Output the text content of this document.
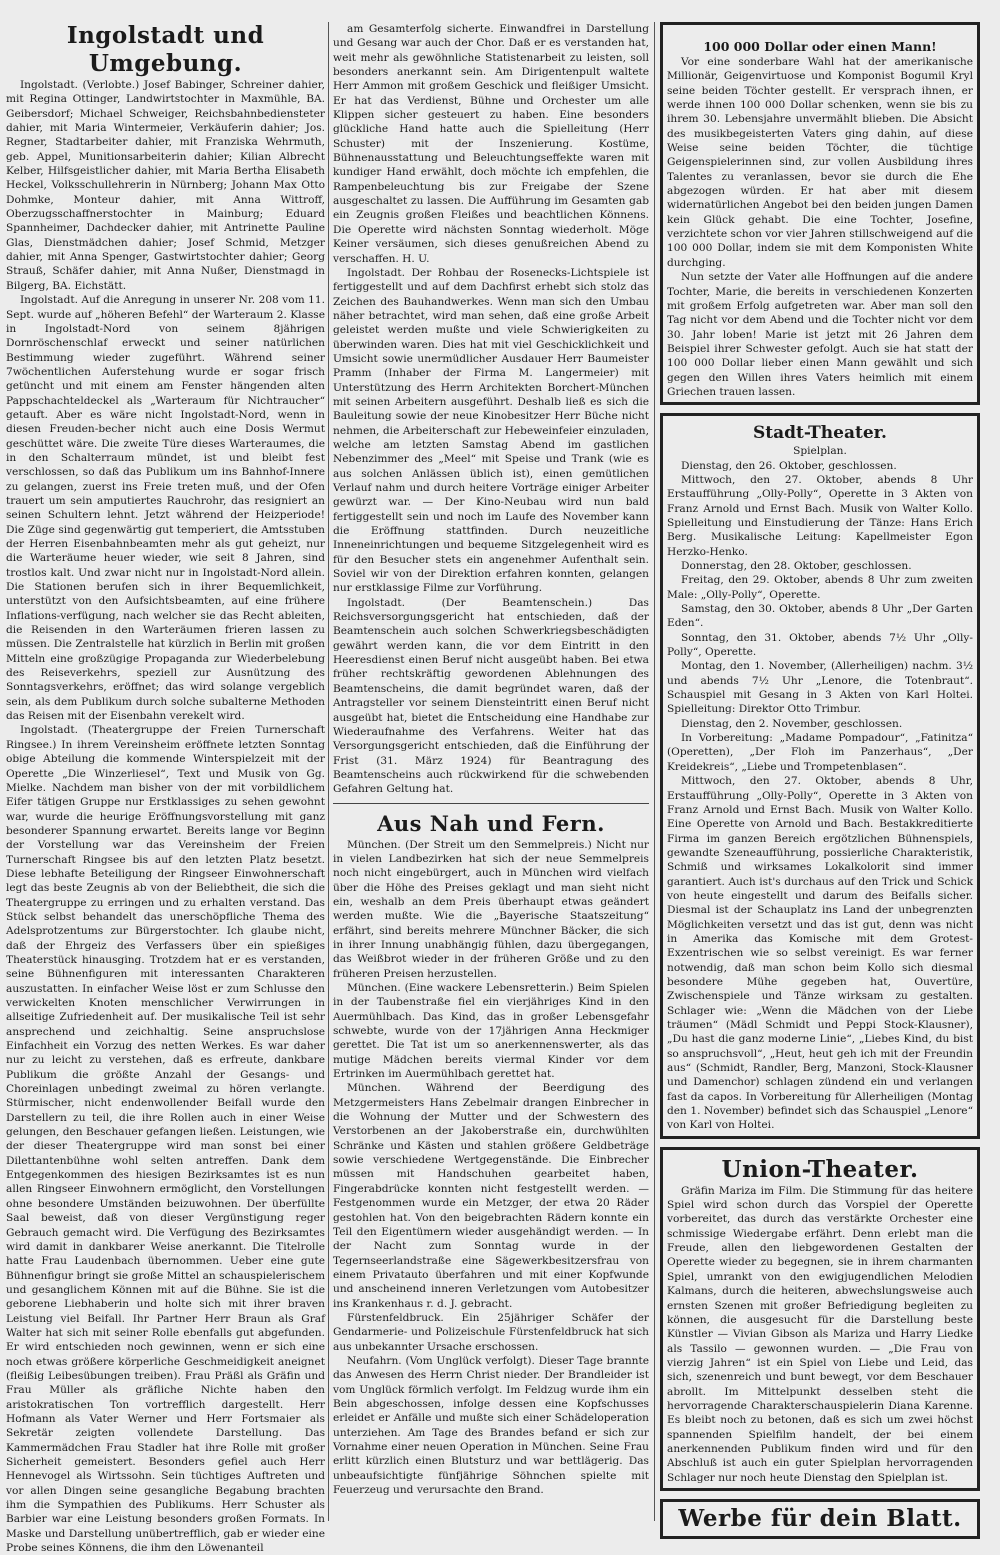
Ingolstadt und Umgebung.

Ingolstadt. (Verlobte.) Josef Babinger, Schreiner dahier, mit Regina Ottinger, Landwirtstochter in Maxmühle, BA. Geibersdorf; Michael Schweiger, Reichsbahnbediensteter dahier, mit Maria Wintermeier, Verkäuferin dahier; Jos. Regner, Stadtarbeiter dahier, mit Franziska Wehrmuth, geb. Appel, Munitionsarbeiterin dahier; Kilian Albrecht Kelber, Hilfsgeistlicher dahier, mit Maria Bertha Elisabeth Heckel, Volksschullehrerin in Nürnberg; Johann Max Otto Dohmke, Monteur dahier, mit Anna Wittroff, Oberzugsschaffnerstochter in Mainburg; Eduard Spannheimer, Dachdecker dahier, mit Antrinette Pauline Glas, Dienstmädchen dahier; Josef Schmid, Metzger dahier, mit Anna Spenger, Gastwirtstochter dahier; Georg Strauß, Schäfer dahier, mit Anna Nußer, Dienstmagd in Bilgerg, BA. Eichstätt.

Ingolstadt. Auf die Anregung in unserer Nr. 208 vom 11. Sept. wurde auf „höheren Befehl“ der Warteraum 2. Klasse in Ingolstadt-Nord von seinem 8jährigen Dornröschenschlaf erweckt und seiner natürlichen Bestimmung wieder zugeführt. Während seiner 7wöchentlichen Auferstehung wurde er sogar frisch getüncht und mit einem am Fenster hängenden alten Pappschachteldeckel als „Warteraum für Nichtraucher“ getauft. Aber es wäre nicht Ingolstadt-Nord, wenn in diesen Freuden-becher nicht auch eine Dosis Wermut geschüttet wäre. Die zweite Türe dieses Warteraumes, die in den Schalterraum mündet, ist und bleibt fest verschlossen, so daß das Publikum um ins Bahnhof-Innere zu gelangen, zuerst ins Freie treten muß, und der Ofen trauert um sein amputiertes Rauchrohr, das resigniert an seinen Schultern lehnt. Jetzt während der Heizperiode! Die Züge sind gegenwärtig gut temperiert, die Amtsstuben der Herren Eisenbahnbeamten mehr als gut geheizt, nur die Warteräume heuer wieder, wie seit 8 Jahren, sind trostlos kalt. Und zwar nicht nur in Ingolstadt-Nord allein. Die Stationen berufen sich in ihrer Bequemlichkeit, unterstützt von den Aufsichtsbeamten, auf eine frühere Inflations-verfügung, nach welcher sie das Recht ableiten, die Reisenden in den Warteräumen frieren lassen zu müssen. Die Zentralstelle hat kürzlich in Berlin mit großen Mitteln eine großzügige Propaganda zur Wiederbelebung des Reiseverkehrs, speziell zur Ausnützung des Sonntagsverkehrs, eröffnet; das wird solange vergeblich sein, als dem Publikum durch solche subalterne Methoden das Reisen mit der Eisenbahn verekelt wird.

Ingolstadt. (Theatergruppe der Freien Turnerschaft Ringsee.) In ihrem Vereinsheim eröffnete letzten Sonntag obige Abteilung die kommende Winterspielzeit mit der Operette „Die Winzerliesel“, Text und Musik von Gg. Mielke. Nachdem man bisher von der mit vorbildlichem Eifer tätigen Gruppe nur Erstklassiges zu sehen gewohnt war, wurde die heurige Eröffnungsvorstellung mit ganz besonderer Spannung erwartet. Bereits lange vor Beginn der Vorstellung war das Vereinsheim der Freien Turnerschaft Ringsee bis auf den letzten Platz besetzt. Diese lebhafte Beteiligung der Ringseer Einwohnerschaft legt das beste Zeugnis ab von der Beliebtheit, die sich die Theatergruppe zu erringen und zu erhalten verstand. Das Stück selbst behandelt das unerschöpfliche Thema des Adelsprotzentums zur Bürgerstochter. Ich glaube nicht, daß der Ehrgeiz des Verfassers über ein spießiges Theaterstück hinausging. Trotzdem hat er es verstanden, seine Bühnenfiguren mit interessanten Charakteren auszustatten. In einfacher Weise löst er zum Schlusse den verwickelten Knoten menschlicher Verwirrungen in allseitige Zufriedenheit auf. Der musikalische Teil ist sehr ansprechend und zeichhaltig. Seine anspruchslose Einfachheit ein Vorzug des netten Werkes. Es war daher nur zu leicht zu verstehen, daß es erfreute, dankbare Publikum die größte Anzahl der Gesangs- und Choreinlagen unbedingt zweimal zu hören verlangte. Stürmischer, nicht endenwollender Beifall wurde den Darstellern zu teil, die ihre Rollen auch in einer Weise gelungen, den Beschauer gefangen ließen. Leistungen, wie der dieser Theatergruppe wird man sonst bei einer Dilettantenbühne wohl selten antreffen. Dank dem Entgegenkommen des hiesigen Bezirksamtes ist es nun allen Ringseer Einwohnern ermöglicht, den Vorstellungen ohne besondere Umständen beizuwohnen. Der überfüllte Saal beweist, daß von dieser Vergünstigung reger Gebrauch gemacht wird. Die Verfügung des Bezirksamtes wird damit in dankbarer Weise anerkannt. Die Titelrolle hatte Frau Laudenbach übernommen. Ueber eine gute Bühnenfigur bringt sie große Mittel an schauspielerischem und gesanglichem Können mit auf die Bühne. Sie ist die geborene Liebhaberin und holte sich mit ihrer braven Leistung viel Beifall. Ihr Partner Herr Braun als Graf Walter hat sich mit seiner Rolle ebenfalls gut abgefunden. Er wird entschieden noch gewinnen, wenn er sich eine noch etwas größere körperliche Geschmeidigkeit aneignet (fleißig Leibesübungen treiben). Frau Präßl als Gräfin und Frau Müller als gräfliche Nichte haben den aristokratischen Ton vortrefflich dargestellt. Herr Hofmann als Vater Werner und Herr Fortsmaier als Sekretär zeigten vollendete Darstellung. Das Kammermädchen Frau Stadler hat ihre Rolle mit großer Sicherheit gemeistert. Besonders gefiel auch Herr Hennevogel als Wirtssohn. Sein tüchtiges Auftreten und vor allen Dingen seine gesangliche Begabung brachten ihm die Sympathien des Publikums. Herr Schuster als Barbier war eine Leistung besonders großen Formats. In Maske und Darstellung unübertrefflich, gab er wieder eine Probe seines Könnens, die ihm den Löwenanteil

am Gesamterfolg sicherte. Einwandfrei in Darstellung und Gesang war auch der Chor. Daß er es verstanden hat, weit mehr als gewöhnliche Statistenarbeit zu leisten, soll besonders anerkannt sein. Am Dirigentenpult waltete Herr Ammon mit großem Geschick und fleißiger Umsicht. Er hat das Verdienst, Bühne und Orchester um alle Klippen sicher gesteuert zu haben. Eine besonders glückliche Hand hatte auch die Spielleitung (Herr Schuster) mit der Inszenierung. Kostüme, Bühnenausstattung und Beleuchtungseffekte waren mit kundiger Hand erwählt, doch möchte ich empfehlen, die Rampenbeleuchtung bis zur Freigabe der Szene ausgeschaltet zu lassen. Die Aufführung im Gesamten gab ein Zeugnis großen Fleißes und beachtlichen Könnens. Die Operette wird nächsten Sonntag wiederholt. Möge Keiner versäumen, sich dieses genußreichen Abend zu verschaffen. H. U.

Ingolstadt. Der Rohbau der Rosenecks-Lichtspiele ist fertiggestellt und auf dem Dachfirst erhebt sich stolz das Zeichen des Bauhandwerkes. Wenn man sich den Umbau näher betrachtet, wird man sehen, daß eine große Arbeit geleistet werden mußte und viele Schwierigkeiten zu überwinden waren. Dies hat mit viel Geschicklichkeit und Umsicht sowie unermüdlicher Ausdauer Herr Baumeister Pramm (Inhaber der Firma M. Langermeier) mit Unterstützung des Herrn Architekten Borchert-München mit seinen Arbeitern ausgeführt. Deshalb ließ es sich die Bauleitung sowie der neue Kinobesitzer Herr Büche nicht nehmen, die Arbeiterschaft zur Hebeweinfeier einzuladen, welche am letzten Samstag Abend im gastlichen Nebenzimmer des „Meel“ mit Speise und Trank (wie es aus solchen Anlässen üblich ist), einen gemütlichen Verlauf nahm und durch heitere Vorträge einiger Arbeiter gewürzt war. — Der Kino-Neubau wird nun bald fertiggestellt sein und noch im Laufe des November kann die Eröffnung stattfinden. Durch neuzeitliche Inneneinrichtungen und bequeme Sitzgelegenheit wird es für den Besucher stets ein angenehmer Aufenthalt sein. Soviel wir von der Direktion erfahren konnten, gelangen nur erstklassige Filme zur Vorführung.

Ingolstadt. (Der Beamtenschein.) Das Reichsversorgungsgericht hat entschieden, daß der Beamtenschein auch solchen Schwerkriegsbeschädigten gewährt werden kann, die vor dem Eintritt in den Heeresdienst einen Beruf nicht ausgeübt haben. Bei etwa früher rechtskräftig gewordenen Ablehnungen des Beamtenscheins, die damit begründet waren, daß der Antragsteller vor seinem Diensteintritt einen Beruf nicht ausgeübt hat, bietet die Entscheidung eine Handhabe zur Wiederaufnahme des Verfahrens. Weiter hat das Versorgungsgericht entschieden, daß die Einführung der Frist (31. März 1924) für Beantragung des Beamtenscheins auch rückwirkend für die schwebenden Gefahren Geltung hat.

Aus Nah und Fern.

München. (Der Streit um den Semmelpreis.) Nicht nur in vielen Landbezirken hat sich der neue Semmelpreis noch nicht eingebürgert, auch in München wird vielfach über die Höhe des Preises geklagt und man sieht nicht ein, weshalb an dem Preis überhaupt etwas geändert werden mußte. Wie die „Bayerische Staatszeitung“ erfährt, sind bereits mehrere Münchner Bäcker, die sich in ihrer Innung unabhängig fühlen, dazu übergegangen, das Weißbrot wieder in der früheren Größe und zu den früheren Preisen herzustellen.

München. (Eine wackere Lebensretterin.) Beim Spielen in der Taubenstraße fiel ein vierjähriges Kind in den Auermühlbach. Das Kind, das in großer Lebensgefahr schwebte, wurde von der 17jährigen Anna Heckmiger gerettet. Die Tat ist um so anerkennenswerter, als das mutige Mädchen bereits viermal Kinder vor dem Ertrinken im Auermühlbach gerettet hat.

München. Während der Beerdigung des Metzgermeisters Hans Zebelmair drangen Einbrecher in die Wohnung der Mutter und der Schwestern des Verstorbenen an der Jakoberstraße ein, durchwühlten Schränke und Kästen und stahlen größere Geldbeträge sowie verschiedene Wertgegenstände. Die Einbrecher müssen mit Handschuhen gearbeitet haben, Fingerabdrücke konnten nicht festgestellt werden. — Festgenommen wurde ein Metzger, der etwa 20 Räder gestohlen hat. Von den beigebrachten Rädern konnte ein Teil den Eigentümern wieder ausgehändigt werden. — In der Nacht zum Sonntag wurde in der Tegernseerlandstraße eine Sägewerkbesitzersfrau von einem Privatauto überfahren und mit einer Kopfwunde und anscheinend inneren Verletzungen vom Autobesitzer ins Krankenhaus r. d. J. gebracht.

Fürstenfeldbruck. Ein 25jähriger Schäfer der Gendarmerie- und Polizeischule Fürstenfeldbruck hat sich aus unbekannter Ursache erschossen.

Neufahrn. (Vom Unglück verfolgt). Dieser Tage brannte das Anwesen des Herrn Christ nieder. Der Brandleider ist vom Unglück förmlich verfolgt. Im Feldzug wurde ihm ein Bein abgeschossen, infolge dessen eine Kopfschusses erleidet er Anfälle und mußte sich einer Schädeloperation unterziehen. Am Tage des Brandes befand er sich zur Vornahme einer neuen Operation in München. Seine Frau erlitt kürzlich einen Blutsturz und war bettlägerig. Das unbeaufsichtigte fünfjährige Söhnchen spielte mit Feuerzeug und verursachte den Brand.

100 000 Dollar oder einen Mann!

Vor eine sonderbare Wahl hat der amerikanische Millionär, Geigenvirtuose und Komponist Bogumil Kryl seine beiden Töchter gestellt. Er versprach ihnen, er werde ihnen 100 000 Dollar schenken, wenn sie bis zu ihrem 30. Lebensjahre unvermählt blieben. Die Absicht des musikbegeisterten Vaters ging dahin, auf diese Weise seine beiden Töchter, die tüchtige Geigenspielerinnen sind, zur vollen Ausbildung ihres Talentes zu veranlassen, bevor sie durch die Ehe abgezogen würden. Er hat aber mit diesem widernatürlichen Angebot bei den beiden jungen Damen kein Glück gehabt. Die eine Tochter, Josefine, verzichtete schon vor vier Jahren stillschweigend auf die 100 000 Dollar, indem sie mit dem Komponisten White durchging.

Nun setzte der Vater alle Hoffnungen auf die andere Tochter, Marie, die bereits in verschiedenen Konzerten mit großem Erfolg aufgetreten war. Aber man soll den Tag nicht vor dem Abend und die Tochter nicht vor dem 30. Jahr loben! Marie ist jetzt mit 26 Jahren dem Beispiel ihrer Schwester gefolgt. Auch sie hat statt der 100 000 Dollar lieber einen Mann gewählt und sich gegen den Willen ihres Vaters heimlich mit einem Griechen trauen lassen.

Stadt-Theater.
Spielplan.

Dienstag, den 26. Oktober, geschlossen.

Mittwoch, den 27. Oktober, abends 8 Uhr Erstaufführung „Olly-Polly“, Operette in 3 Akten von Franz Arnold und Ernst Bach. Musik von Walter Kollo. Spielleitung und Einstudierung der Tänze: Hans Erich Berg. Musikalische Leitung: Kapellmeister Egon Herzko-Henko.

Donnerstag, den 28. Oktober, geschlossen.

Freitag, den 29. Oktober, abends 8 Uhr zum zweiten Male: „Olly-Polly“, Operette.

Samstag, den 30. Oktober, abends 8 Uhr „Der Garten Eden“.

Sonntag, den 31. Oktober, abends 7½ Uhr „Olly-Polly“, Operette.

Montag, den 1. November, (Allerheiligen) nachm. 3½ und abends 7½ Uhr „Lenore, die Totenbraut“. Schauspiel mit Gesang in 3 Akten von Karl Holtei. Spielleitung: Direktor Otto Trimbur.

Dienstag, den 2. November, geschlossen.

In Vorbereitung: „Madame Pompadour“, „Fatinitza“ (Operetten), „Der Floh im Panzerhaus“, „Der Kreidekreis“, „Liebe und Trompetenblasen“.

Mittwoch, den 27. Oktober, abends 8 Uhr, Erstaufführung „Olly-Polly“, Operette in 3 Akten von Franz Arnold und Ernst Bach. Musik von Walter Kollo. Eine Operette von Arnold und Bach. Bestakkreditierte Firma im ganzen Bereich ergötzlichen Bühnenspiels, gewandte Szeneaufführung, possierliche Charakteristik, Schmiß und wirksames Lokalkolorit sind immer garantiert. Auch ist's durchaus auf den Trick und Schick von heute eingestellt und darum des Beifalls sicher. Diesmal ist der Schauplatz ins Land der unbegrenzten Möglichkeiten versetzt und das ist gut, denn was nicht in Amerika das Komische mit dem Grotest-Exzentrischen wie so selbst vereinigt. Es war ferner notwendig, daß man schon beim Kollo sich diesmal besondere Mühe gegeben hat, Ouvertüre, Zwischenspiele und Tänze wirksam zu gestalten. Schlager wie: „Wenn die Mädchen von der Liebe träumen“ (Mädl Schmidt und Peppi Stock-Klausner), „Du hast die ganz moderne Linie“, „Liebes Kind, du bist so anspruchsvoll“, „Heut, heut geh ich mit der Freundin aus“ (Schmidt, Randler, Berg, Manzoni, Stock-Klausner und Damenchor) schlagen zündend ein und verlangen fast da capos. In Vorbereitung für Allerheiligen (Montag den 1. November) befindet sich das Schauspiel „Lenore“ von Karl von Holtei.

Union-Theater.

Gräfin Mariza im Film. Die Stimmung für das heitere Spiel wird schon durch das Vorspiel der Operette vorbereitet, das durch das verstärkte Orchester eine schmissige Wiedergabe erfährt. Denn erlebt man die Freude, allen den liebgewordenen Gestalten der Operette wieder zu begegnen, sie in ihrem charmanten Spiel, umrankt von den ewigjugendlichen Melodien Kalmans, durch die heiteren, abwechslungsweise auch ernsten Szenen mit großer Befriedigung begleiten zu können, die ausgesucht für die Darstellung beste Künstler — Vivian Gibson als Mariza und Harry Liedke als Tassilo — gewonnen wurden. — „Die Frau von vierzig Jahren“ ist ein Spiel von Liebe und Leid, das sich, szenenreich und bunt bewegt, vor dem Beschauer abrollt. Im Mittelpunkt desselben steht die hervorragende Charakterschauspielerin Diana Karenne. Es bleibt noch zu betonen, daß es sich um zwei höchst spannenden Spielfilm handelt, der bei einem anerkennenden Publikum finden wird und für den Abschluß ist auch ein guter Spielplan hervorragenden Schlager nur noch heute Dienstag den Spielplan ist.

Werbe für dein Blatt.
